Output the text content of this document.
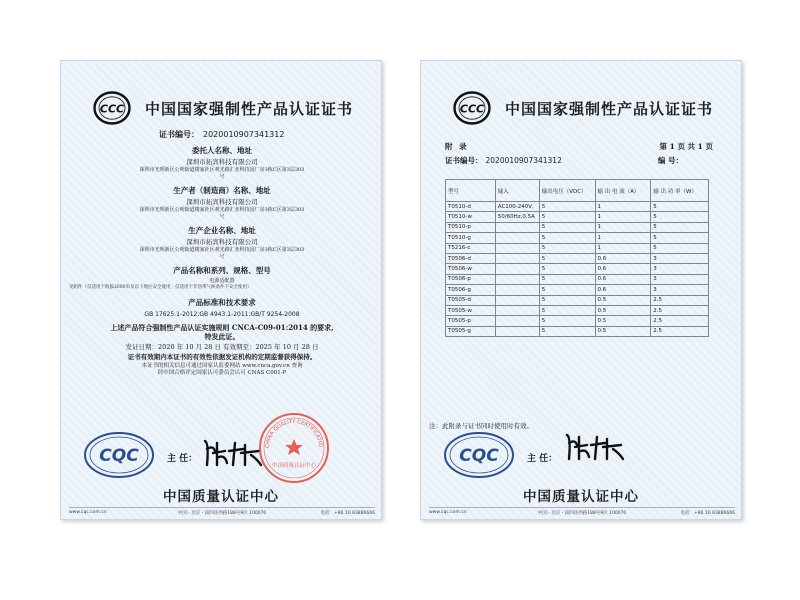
CCC 中国国家强制性产品认证证书
证书编号： 2020010907341312
委托人名称、地址
深圳市拓宾科技有限公司
深圳市光明新区公明街道楼家社区观光路汇业科技园厂房3栋C区第3层303
号
生产者（制造商）名称、地址
深圳市拓宾科技有限公司
深圳市光明新区公明街道楼家社区观光路汇业科技园厂房3栋C区第3层303
号
生产企业名称、地址
深圳市拓宾科技有限公司
深圳市光明新区公明街道楼家社区观光路汇业科技园厂房3栋C区第3层303
号
产品名称和系列、规格、型号
电源适配器
见附件（仅适用于海拔2000米及以下地区安全使用，仅适用于非热带气候条件下安全使用）
产品标准和技术要求
GB 17625.1-2012;GB 4943.1-2011;GB/T 9254-2008
上述产品符合强制性产品认证实施规则 CNCA-C09-01:2014 的要求,
特发此证。
发证日期：2020 年 10 月 28 日 有效期至：2025 年 10 月 28 日
证书有效期内本证书的有效性依据发证机构的定期监督获得保持。
本证书的相关信息可通过国家认监委网站 www.cnca.gov.cn 查询
经中国合格评定国家认可委员会认可 CNAS C001-P
CQC	主 任：
CHINA QUALITY CERTIFICATIO
中国质量认证中心
中国质量认证中心
www.cqc.com.cn	中国・北京・南四环西路188号9区 100070	电话：+86 10 83886666
CCC 中国国家强制性产品认证证书
附 录	第 1 页 共 1 页
证书编号： 2020010907341312	编 号：
型号	输入	输出电压（VDC）	输 出 电 流（A）	输 出 功 率（W）
T0510-d	AC100-240V,	5	1	5
T0510-w	50/60Hz,0.5A	5	1	5
T0510-p		5	1	5
T0510-g		5	1	5
T5216-c		5	1	5
T0506-d		5	0.6	3
T0506-w		5	0.6	3
T0506-p		5	0.6	3
T0506-g		5	0.6	3
T0505-d		5	0.5	2.5
T0505-w		5	0.5	2.5
T0505-p		5	0.5	2.5
T0505-g		5	0.5	2.5
注：此附录与证书同时使用时有效。
CQC	主 任：
中国质量认证中心
www.cqc.com.cn	中国・北京・南四环西路188号9区 100070	电话：+86 10 83886666
